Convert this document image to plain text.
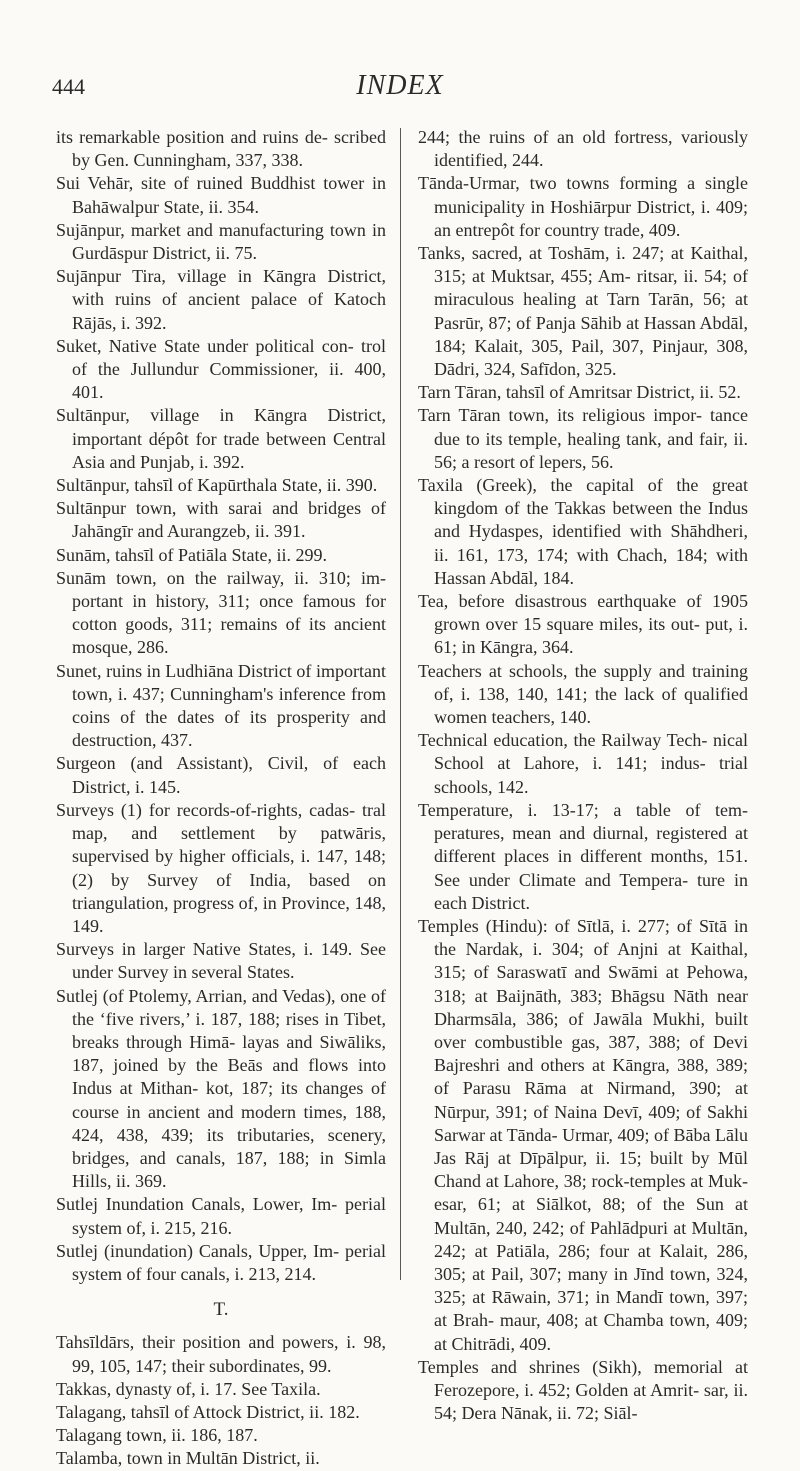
444	INDEX

its remarkable position and ruins de- scribed by Gen. Cunningham, 337, 338.

Sui Vehār, site of ruined Buddhist tower in Bahāwalpur State, ii. 354.

Sujānpur, market and manufacturing town in Gurdāspur District, ii. 75.

Sujānpur Tira, village in Kāngra District, with ruins of ancient palace of Katoch Rājās, i. 392.

Suket, Native State under political con- trol of the Jullundur Commissioner, ii. 400, 401.

Sultānpur, village in Kāngra District, important dépôt for trade between Central Asia and Punjab, i. 392.

Sultānpur, tahsīl of Kapūrthala State, ii. 390.

Sultānpur town, with sarai and bridges of Jahāngīr and Aurangzeb, ii. 391.

Sunām, tahsīl of Patiāla State, ii. 299.

Sunām town, on the railway, ii. 310; im- portant in history, 311; once famous for cotton goods, 311; remains of its ancient mosque, 286.

Sunet, ruins in Ludhiāna District of important town, i. 437; Cunningham's inference from coins of the dates of its prosperity and destruction, 437.

Surgeon (and Assistant), Civil, of each District, i. 145.

Surveys (1) for records-of-rights, cadas- tral map, and settlement by patwāris, supervised by higher officials, i. 147, 148; (2) by Survey of India, based on triangulation, progress of, in Province, 148, 149.

Surveys in larger Native States, i. 149. See under Survey in several States.

Sutlej (of Ptolemy, Arrian, and Vedas), one of the ‘five rivers,’ i. 187, 188; rises in Tibet, breaks through Himā- layas and Siwāliks, 187, joined by the Beās and flows into Indus at Mithan- kot, 187; its changes of course in ancient and modern times, 188, 424, 438, 439; its tributaries, scenery, bridges, and canals, 187, 188; in Simla Hills, ii. 369.

Sutlej Inundation Canals, Lower, Im- perial system of, i. 215, 216.

Sutlej (inundation) Canals, Upper, Im- perial system of four canals, i. 213, 214.

T.

Tahsīldārs, their position and powers, i. 98, 99, 105, 147; their subordinates, 99.

Takkas, dynasty of, i. 17. See Taxila.

Talagang, tahsīl of Attock District, ii. 182.

Talagang town, ii. 186, 187.

Talamba, town in Multān District, ii.

244; the ruins of an old fortress, variously identified, 244.

Tānda-Urmar, two towns forming a single municipality in Hoshiārpur District, i. 409; an entrepôt for country trade, 409.

Tanks, sacred, at Toshām, i. 247; at Kaithal, 315; at Muktsar, 455; Am- ritsar, ii. 54; of miraculous healing at Tarn Tarān, 56; at Pasrūr, 87; of Panja Sāhib at Hassan Abdāl, 184; Kalait, 305, Pail, 307, Pinjaur, 308, Dādri, 324, Safīdon, 325.

Tarn Tāran, tahsīl of Amritsar District, ii. 52.

Tarn Tāran town, its religious impor- tance due to its temple, healing tank, and fair, ii. 56; a resort of lepers, 56.

Taxila (Greek), the capital of the great kingdom of the Takkas between the Indus and Hydaspes, identified with Shāhdheri, ii. 161, 173, 174; with Chach, 184; with Hassan Abdāl, 184.

Tea, before disastrous earthquake of 1905 grown over 15 square miles, its out- put, i. 61; in Kāngra, 364.

Teachers at schools, the supply and training of, i. 138, 140, 141; the lack of qualified women teachers, 140.

Technical education, the Railway Tech- nical School at Lahore, i. 141; indus- trial schools, 142.

Temperature, i. 13-17; a table of tem- peratures, mean and diurnal, registered at different places in different months, 151. See under Climate and Tempera- ture in each District.

Temples (Hindu): of Sītlā, i. 277; of Sītā in the Nardak, i. 304; of Anjni at Kaithal, 315; of Saraswatī and Swāmi at Pehowa, 318; at Baijnāth, 383; Bhāgsu Nāth near Dharmsāla, 386; of Jawāla Mukhi, built over combustible gas, 387, 388; of Devi Bajreshri and others at Kāngra, 388, 389; of Parasu Rāma at Nirmand, 390; at Nūrpur, 391; of Naina Devī, 409; of Sakhi Sarwar at Tānda- Urmar, 409; of Bāba Lālu Jas Rāj at Dīpālpur, ii. 15; built by Mūl Chand at Lahore, 38; rock-temples at Muk- esar, 61; at Siālkot, 88; of the Sun at Multān, 240, 242; of Pahlādpuri at Multān, 242; at Patiāla, 286; four at Kalait, 286, 305; at Pail, 307; many in Jīnd town, 324, 325; at Rāwain, 371; in Mandī town, 397; at Brah- maur, 408; at Chamba town, 409; at Chitrādi, 409.

Temples and shrines (Sikh), memorial at Ferozepore, i. 452; Golden at Amrit- sar, ii. 54; Dera Nānak, ii. 72; Siāl-
